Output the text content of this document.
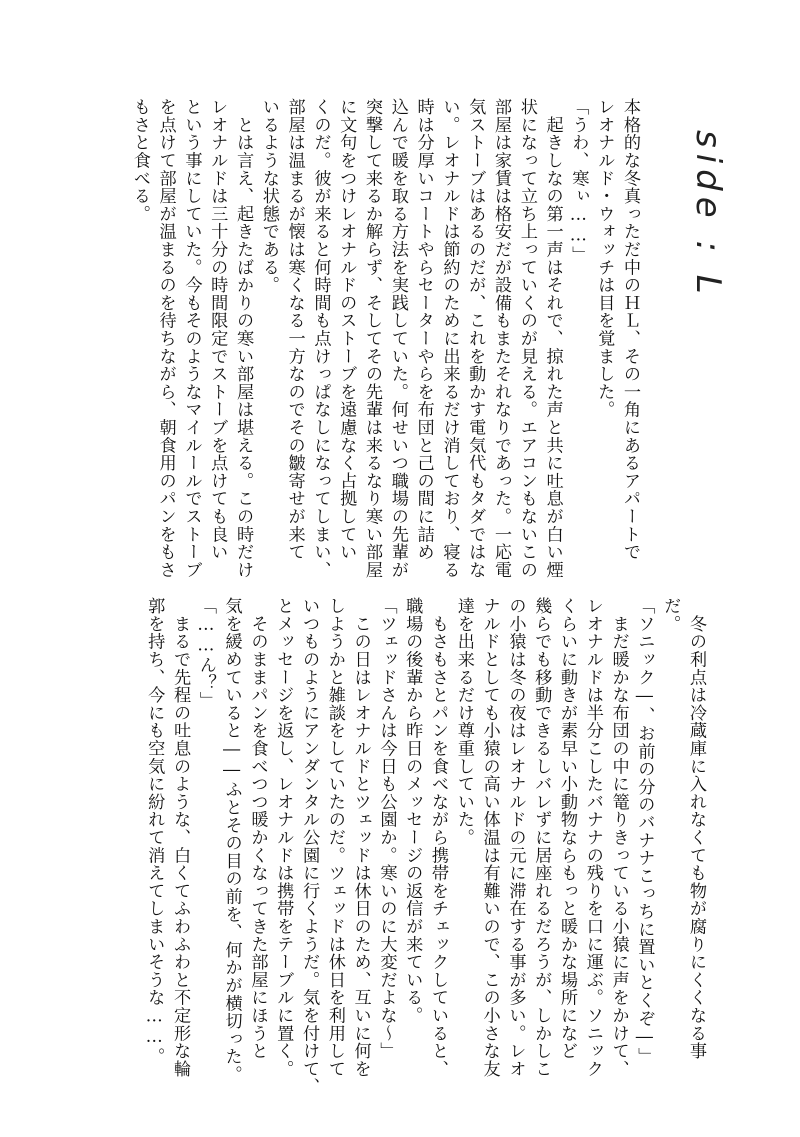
side : L
本格的な冬真っただ中のＨＬ、その一角にあるアパートで
レオナルド・ウォッチは目を覚ました。
「うわ、寒ぃ……」
　起きしなの第一声はそれで、掠れた声と共に吐息が白い煙
状になって立ち上っていくのが見える。エアコンもないこの
部屋は家賃は格安だが設備もまたそれなりであった。一応電
気ストーブはあるのだが、これを動かす電気代もタダではな
い。レオナルドは節約のために出来るだけ消しており、寝る
時は分厚いコートやらセーターやらを布団と己の間に詰め
込んで暖を取る方法を実践していた。何せいつ職場の先輩が
突撃して来るか解らず、そしてその先輩は来るなり寒い部屋
に文句をつけレオナルドのストーブを遠慮なく占拠してい
くのだ。彼が来ると何時間も点けっぱなしになってしまい、
部屋は温まるが懐は寒くなる一方なのでその皺寄せが来て
いるような状態である。
　とは言え、起きたばかりの寒い部屋は堪える。この時だけ
レオナルドは三十分の時間限定でストーブを点けても良い
という事にしていた。今もそのようなマイルールでストーブ
を点けて部屋が温まるのを待ちながら、朝食用のパンをもさ
もさと食べる。
　冬の利点は冷蔵庫に入れなくても物が腐りにくくなる事
だ。
「ソニック―、お前の分のバナナこっちに置いとくぞ―」
　まだ暖かな布団の中に篭りきっている小猿に声をかけて、
レオナルドは半分こしたバナナの残りを口に運ぶ。ソニック
くらいに動きが素早い小動物ならもっと暖かな場所になど
幾らでも移動できるしバレずに居座れるだろうが、しかしこ
の小猿は冬の夜はレオナルドの元に滞在する事が多い。レオ
ナルドとしても小猿の高い体温は有難いので、この小さな友
達を出来るだけ尊重していた。
　もさもさとパンを食べながら携帯をチェックしていると、
職場の後輩から昨日のメッセージの返信が来ている。
「ツェッドさんは今日も公園か。寒いのに大変だよな～」
　この日はレオナルドとツェッドは休日のため、互いに何を
しようかと雑談をしていたのだ。ツェッドは休日を利用して
いつものようにアンダンタル公園に行くようだ。気を付けて、
とメッセージを返し、レオナルドは携帯をテーブルに置く。
　そのままパンを食べつつ暖かくなってきた部屋にほうと
気を緩めていると――ふとその目の前を、何かが横切った。
「……ん？」
　まるで先程の吐息のような、白くてふわふわと不定形な輪
郭を持ち、今にも空気に紛れて消えてしまいそうな……。
